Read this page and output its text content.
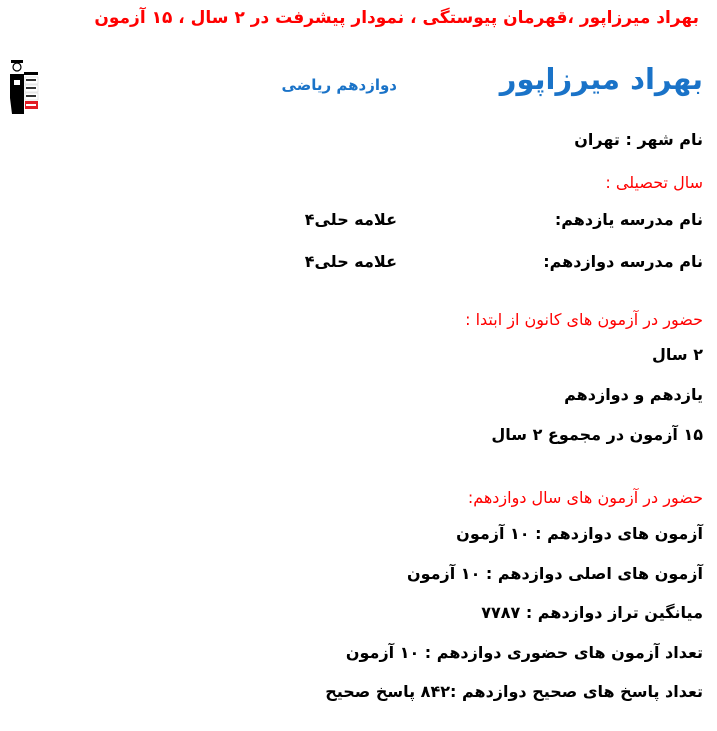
بهراد میرزاپور ،قهرمان پیوستگی ، نمودار پیشرفت در ۲ سال ، ۱۵ آزمون
بهراد میرزاپور
دوازدهم ریاضی
نام شهر : تهران
سال تحصیلی :
نام مدرسه یازدهم:
علامه حلی۴
نام مدرسه دوازدهم:
علامه حلی۴
حضور در آزمون های کانون از ابتدا :
۲ سال
یازدهم و دوازدهم
۱۵ آزمون در مجموع ۲ سال
حضور در آزمون های سال دوازدهم:
آزمون های دوازدهم : ۱۰ آزمون
آزمون های اصلی دوازدهم : ۱۰ آزمون
میانگین تراز دوازدهم : ۷۷۸۷
تعداد آزمون های حضوری دوازدهم : ۱۰ آزمون
تعداد پاسخ های صحیح دوازدهم :۸۴۲ پاسخ صحیح
